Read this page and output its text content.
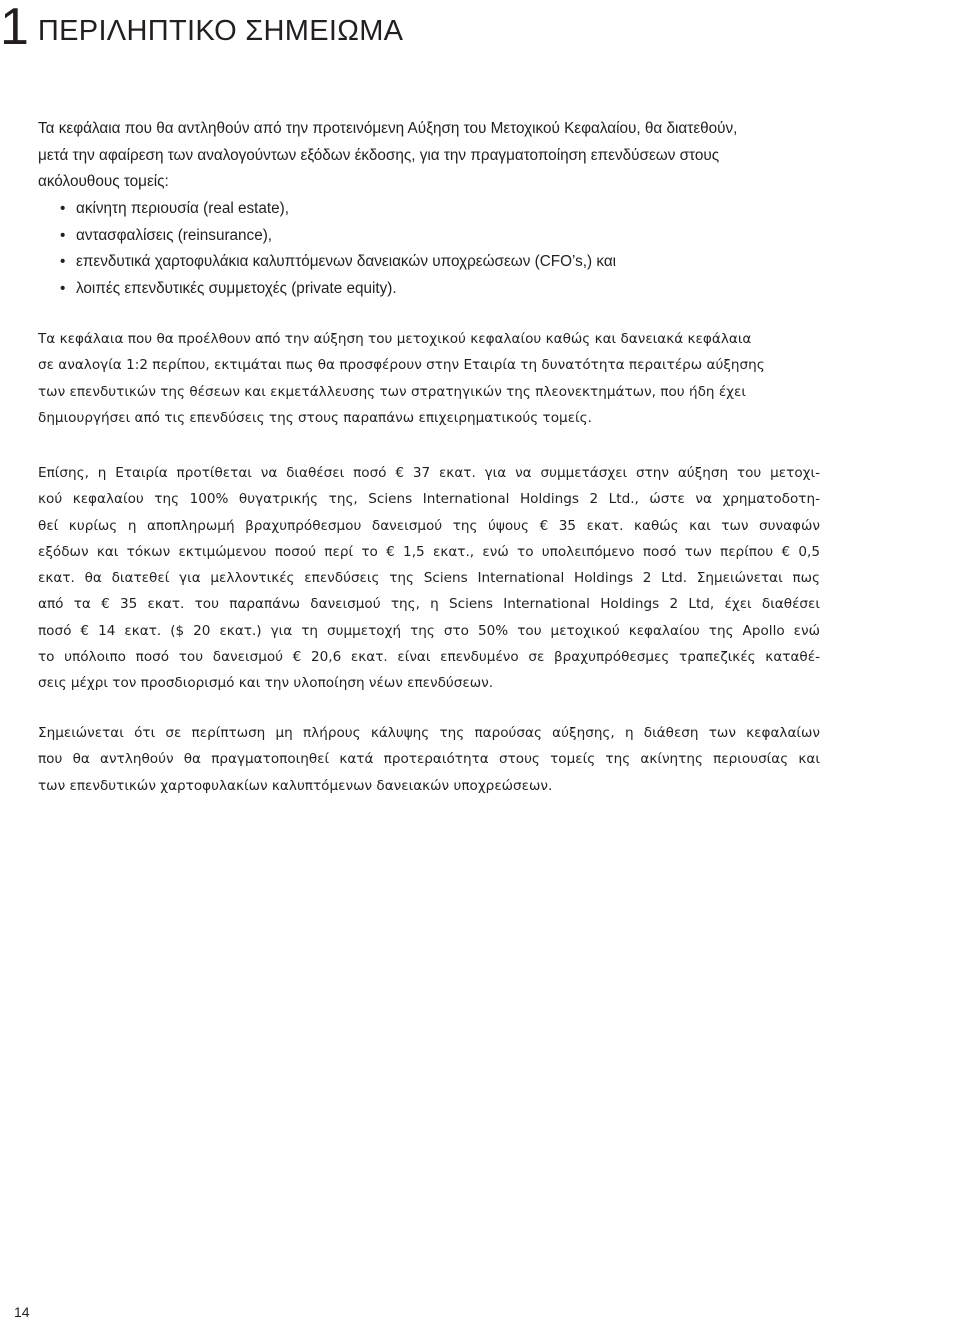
1 ΠΕΡΙΛΗΠΤΙΚΟ ΣΗΜΕΙΩΜΑ
Τα κεφάλαια που θα αντληθούν από την προτεινόμενη Αύξηση του Μετοχικού Κεφαλαίου, θα διατεθούν,
μετά την αφαίρεση των αναλογούντων εξόδων έκδοσης, για την πραγματοποίηση επενδύσεων στους
ακόλουθους τομείς:
• ακίνητη περιουσία (real estate),
• αντασφαλίσεις (reinsurance),
• επενδυτικά χαρτοφυλάκια καλυπτόμενων δανειακών υποχρεώσεων (CFO’s,) και
• λοιπές επενδυτικές συμμετοχές (private equity).
Τα κεφάλαια που θα προέλθουν από την αύξηση του μετοχικού κεφαλαίου καθώς και δανειακά κεφάλαια
σε αναλογία 1:2 περίπου, εκτιμάται πως θα προσφέρουν στην Εταιρία τη δυνατότητα περαιτέρω αύξησης
των επενδυτικών της θέσεων και εκμετάλλευσης των στρατηγικών της πλεονεκτημάτων, που ήδη έχει
δημιουργήσει από τις επενδύσεις της στους παραπάνω επιχειρηματικούς τομείς.
Επίσης, η Εταιρία προτίθεται να διαθέσει ποσό € 37 εκατ. για να συμμετάσχει στην αύξηση του μετοχι-
κού κεφαλαίου της 100% θυγατρικής της, Sciens International Holdings 2 Ltd., ώστε να χρηματοδοτη-
θεί κυρίως η αποπληρωμή βραχυπρόθεσμου δανεισμού της ύψους € 35 εκατ. καθώς και των συναφών
εξόδων και τόκων εκτιμώμενου ποσού περί το € 1,5 εκατ., ενώ το υπολειπόμενο ποσό των περίπου € 0,5
εκατ. θα διατεθεί για μελλοντικές επενδύσεις της Sciens International Holdings 2 Ltd. Σημειώνεται πως
από τα € 35 εκατ. του παραπάνω δανεισμού της, η Sciens International Holdings 2 Ltd, έχει διαθέσει
ποσό € 14 εκατ. ($ 20 εκατ.) για τη συμμετοχή της στο 50% του μετοχικού κεφαλαίου της Apollo ενώ
το υπόλοιπο ποσό του δανεισμού € 20,6 εκατ. είναι επενδυμένο σε βραχυπρόθεσμες τραπεζικές καταθέ-
σεις μέχρι τον προσδιορισμό και την υλοποίηση νέων επενδύσεων.
Σημειώνεται ότι σε περίπτωση μη πλήρους κάλυψης της παρούσας αύξησης, η διάθεση των κεφαλαίων
που θα αντληθούν θα πραγματοποιηθεί κατά προτεραιότητα στους τομείς της ακίνητης περιουσίας και
των επενδυτικών χαρτοφυλακίων καλυπτόμενων δανειακών υποχρεώσεων.
14
